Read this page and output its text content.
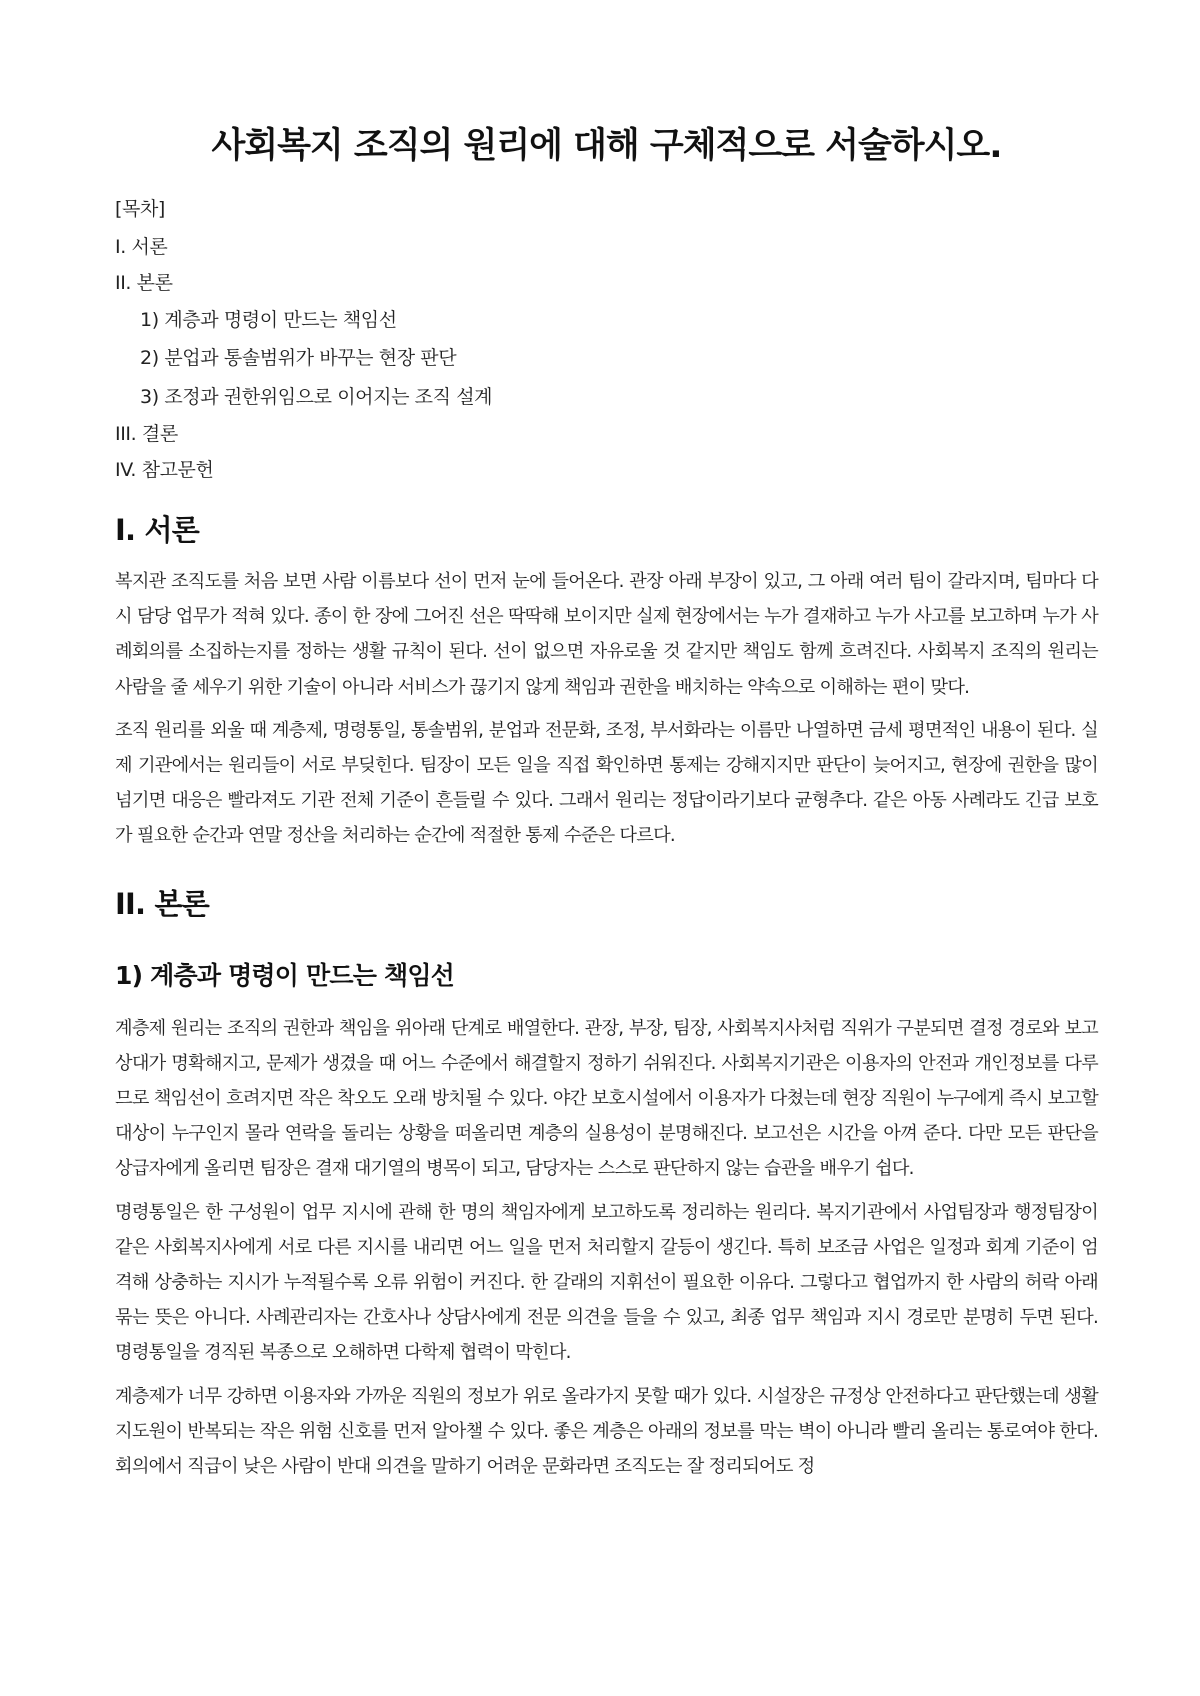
사회복지 조직의 원리에 대해 구체적으로 서술하시오.
[목차]
I. 서론
II. 본론
1) 계층과 명령이 만드는 책임선
2) 분업과 통솔범위가 바꾸는 현장 판단
3) 조정과 권한위임으로 이어지는 조직 설계
III. 결론
IV. 참고문헌
I. 서론

복지관 조직도를 처음 보면 사람 이름보다 선이 먼저 눈에 들어온다. 관장 아래 부장이 있고, 그 아래 여러 팀이 갈라지며, 팀마다 다시 담당 업무가 적혀 있다. 종이 한 장에 그어진 선은 딱딱해 보이지만 실제 현장에서는 누가 결재하고 누가 사고를 보고하며 누가 사례회의를 소집하는지를 정하는 생활 규칙이 된다. 선이 없으면 자유로울 것 같지만 책임도 함께 흐려진다. 사회복지 조직의 원리는 사람을 줄 세우기 위한 기술이 아니라 서비스가 끊기지 않게 책임과 권한을 배치하는 약속으로 이해하는 편이 맞다.

조직 원리를 외울 때 계층제, 명령통일, 통솔범위, 분업과 전문화, 조정, 부서화라는 이름만 나열하면 금세 평면적인 내용이 된다. 실제 기관에서는 원리들이 서로 부딪힌다. 팀장이 모든 일을 직접 확인하면 통제는 강해지지만 판단이 늦어지고, 현장에 권한을 많이 넘기면 대응은 빨라져도 기관 전체 기준이 흔들릴 수 있다. 그래서 원리는 정답이라기보다 균형추다. 같은 아동 사례라도 긴급 보호가 필요한 순간과 연말 정산을 처리하는 순간에 적절한 통제 수준은 다르다.

II. 본론
1) 계층과 명령이 만드는 책임선

계층제 원리는 조직의 권한과 책임을 위아래 단계로 배열한다. 관장, 부장, 팀장, 사회복지사처럼 직위가 구분되면 결정 경로와 보고 상대가 명확해지고, 문제가 생겼을 때 어느 수준에서 해결할지 정하기 쉬워진다. 사회복지기관은 이용자의 안전과 개인정보를 다루므로 책임선이 흐려지면 작은 착오도 오래 방치될 수 있다. 야간 보호시설에서 이용자가 다쳤는데 현장 직원이 누구에게 즉시 보고할 대상이 누구인지 몰라 연락을 돌리는 상황을 떠올리면 계층의 실용성이 분명해진다. 보고선은 시간을 아껴 준다. 다만 모든 판단을 상급자에게 올리면 팀장은 결재 대기열의 병목이 되고, 담당자는 스스로 판단하지 않는 습관을 배우기 쉽다.

명령통일은 한 구성원이 업무 지시에 관해 한 명의 책임자에게 보고하도록 정리하는 원리다. 복지기관에서 사업팀장과 행정팀장이 같은 사회복지사에게 서로 다른 지시를 내리면 어느 일을 먼저 처리할지 갈등이 생긴다. 특히 보조금 사업은 일정과 회계 기준이 엄격해 상충하는 지시가 누적될수록 오류 위험이 커진다. 한 갈래의 지휘선이 필요한 이유다. 그렇다고 협업까지 한 사람의 허락 아래 묶는 뜻은 아니다. 사례관리자는 간호사나 상담사에게 전문 의견을 들을 수 있고, 최종 업무 책임과 지시 경로만 분명히 두면 된다. 명령통일을 경직된 복종으로 오해하면 다학제 협력이 막힌다.

계층제가 너무 강하면 이용자와 가까운 직원의 정보가 위로 올라가지 못할 때가 있다. 시설장은 규정상 안전하다고 판단했는데 생활지도원이 반복되는 작은 위험 신호를 먼저 알아챌 수 있다. 좋은 계층은 아래의 정보를 막는 벽이 아니라 빨리 올리는 통로여야 한다. 회의에서 직급이 낮은 사람이 반대 의견을 말하기 어려운 문화라면 조직도는 잘 정리되어도 정
